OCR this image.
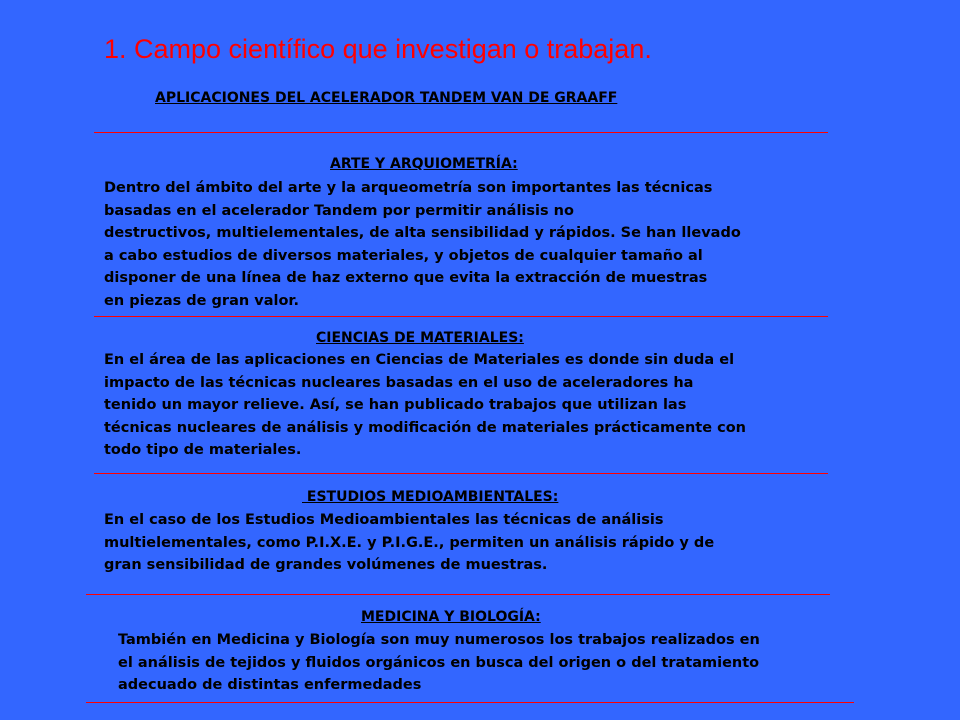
1. Campo científico que investigan o trabajan.
APLICACIONES DEL ACELERADOR TANDEM VAN DE GRAAFF
ARTE Y ARQUIOMETRÍA:
Dentro del ámbito del arte y la arqueometría son importantes las técnicas
basadas en el acelerador Tandem por permitir análisis no
destructivos, multielementales, de alta sensibilidad y rápidos. Se han llevado
a cabo estudios de diversos materiales, y objetos de cualquier tamaño al
disponer de una línea de haz externo que evita la extracción de muestras
en piezas de gran valor.
CIENCIAS DE MATERIALES:
En el área de las aplicaciones en Ciencias de Materiales es donde sin duda el
impacto de las técnicas nucleares basadas en el uso de aceleradores ha
tenido un mayor relieve. Así, se han publicado trabajos que utilizan las
técnicas nucleares de análisis y modificación de materiales prácticamente con
todo tipo de materiales.
ESTUDIOS MEDIOAMBIENTALES:
En el caso de los Estudios Medioambientales las técnicas de análisis
multielementales, como P.I.X.E. y P.I.G.E., permiten un análisis rápido y de
gran sensibilidad de grandes volúmenes de muestras.
MEDICINA Y BIOLOGÍA:
También en Medicina y Biología son muy numerosos los trabajos realizados en
el análisis de tejidos y fluidos orgánicos en busca del origen o del tratamiento
adecuado de distintas enfermedades
